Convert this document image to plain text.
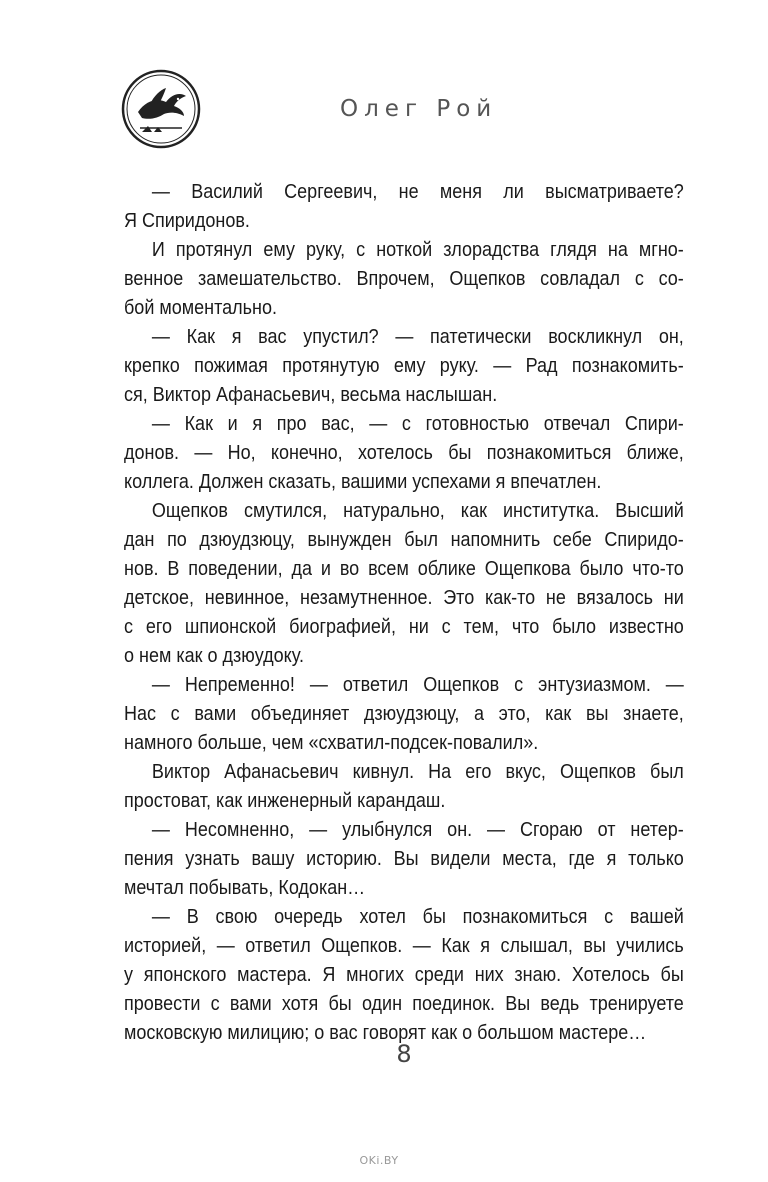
Олег Рой
— Василий Сергеевич, не меня ли высматриваете?
Я Спиридонов.
И протянул ему руку, с ноткой злорадства глядя на мгно-
венное замешательство. Впрочем, Ощепков совладал с со-
бой моментально.
— Как я вас упустил? — патетически воскликнул он,
крепко пожимая протянутую ему руку. — Рад познакомить-
ся, Виктор Афанасьевич, весьма наслышан.
— Как и я про вас, — с готовностью отвечал Спири-
донов. — Но, конечно, хотелось бы познакомиться ближе,
коллега. Должен сказать, вашими успехами я впечатлен.
Ощепков смутился, натурально, как институтка. Высший
дан по дзюудзюцу, вынужден был напомнить себе Спиридо-
нов. В поведении, да и во всем облике Ощепкова было что-то
детское, невинное, незамутненное. Это как-то не вязалось ни
с его шпионской биографией, ни с тем, что было известно
о нем как о дзюудоку.
— Непременно! — ответил Ощепков с энтузиазмом. —
Нас с вами объединяет дзюудзюцу, а это, как вы знаете,
намного больше, чем «схватил-подсек-повалил».
Виктор Афанасьевич кивнул. На его вкус, Ощепков был
простоват, как инженерный карандаш.
— Несомненно, — улыбнулся он. — Сгораю от нетер-
пения узнать вашу историю. Вы видели места, где я только
мечтал побывать, Кодокан…
— В свою очередь хотел бы познакомиться с вашей
историей, — ответил Ощепков. — Как я слышал, вы учились
у японского мастера. Я многих среди них знаю. Хотелось бы
провести с вами хотя бы один поединок. Вы ведь тренируете
московскую милицию; о вас говорят как о большом мастере…
8
OKi.BY
